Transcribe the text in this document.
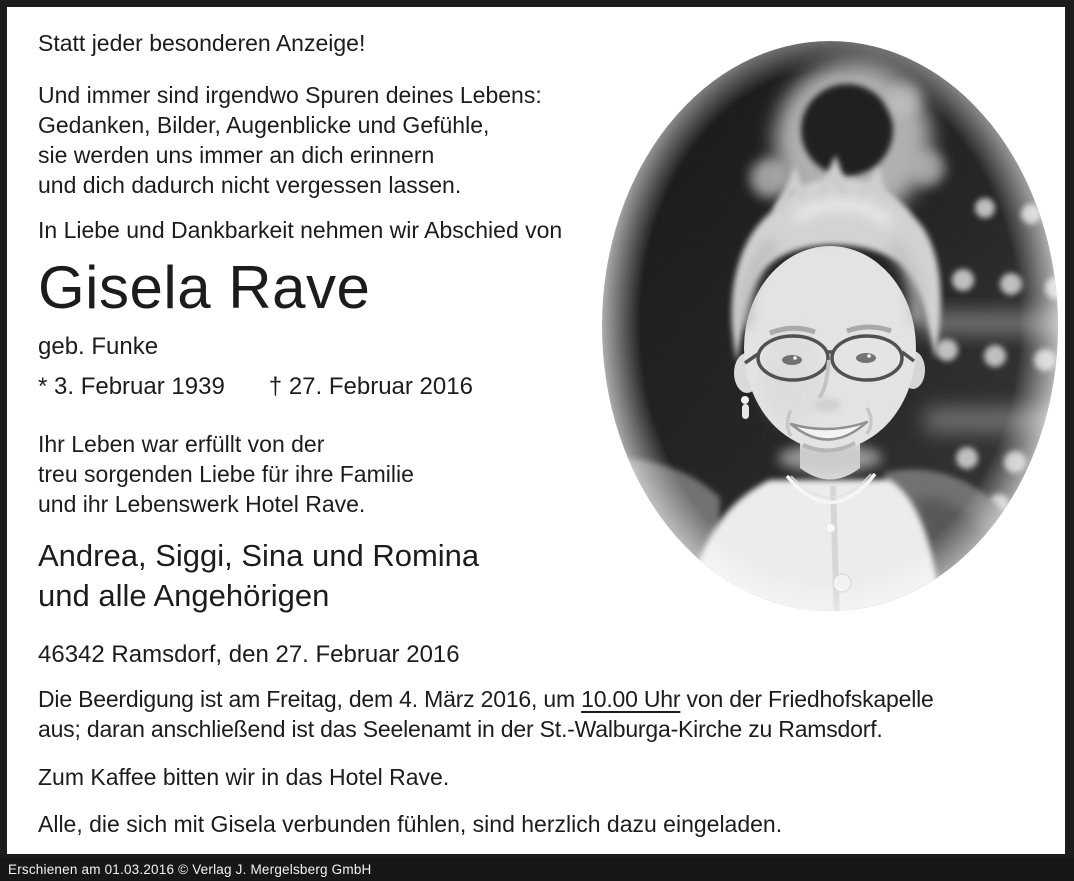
Statt jeder besonderen Anzeige!
Und immer sind irgendwo Spuren deines Lebens:
Gedanken, Bilder, Augenblicke und Gefühle,
sie werden uns immer an dich erinnern
und dich dadurch nicht vergessen lassen.
In Liebe und Dankbarkeit nehmen wir Abschied von
Gisela Rave
geb. Funke
* 3. Februar 1939 † 27. Februar 2016
Ihr Leben war erfüllt von der
treu sorgenden Liebe für ihre Familie
und ihr Lebenswerk Hotel Rave.
Andrea, Siggi, Sina und Romina
und alle Angehörigen
46342 Ramsdorf, den 27. Februar 2016
Die Beerdigung ist am Freitag, dem 4. März 2016, um 10.00 Uhr von der Friedhofskapelle
aus; daran anschließend ist das Seelenamt in der St.-Walburga-Kirche zu Ramsdorf.
Zum Kaffee bitten wir in das Hotel Rave.
Alle, die sich mit Gisela verbunden fühlen, sind herzlich dazu eingeladen.
Erschienen am 01.03.2016 © Verlag J. Mergelsberg GmbH
